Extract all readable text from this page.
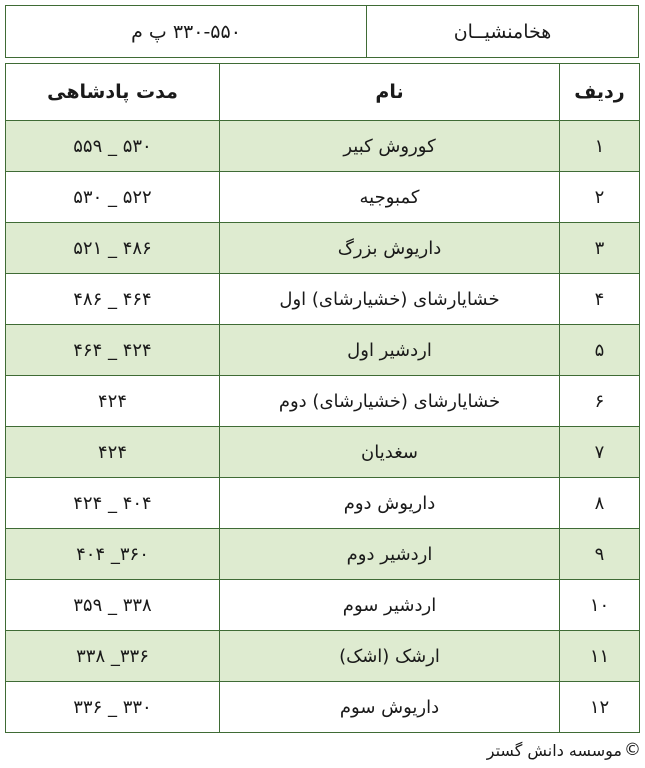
هخامنشیــان
۳۳۰-۵۵۰ پ م
ردیف	نام	مدت پادشاهی
۱	کوروش کبیر	۵۳۰ _ ۵۵۹
۲	کمبوجیه	۵۲۲ _ ۵۳۰
۳	داریوش بزرگ	۴۸۶ _ ۵۲۱
۴	خشایارشای (خشیارشای) اول	۴۶۴ _ ۴۸۶
۵	اردشیر اول	۴۲۴ _ ۴۶۴
۶	خشایارشای (خشیارشای) دوم	۴۲۴
۷	سغدیان	۴۲۴
۸	داریوش دوم	۴۰۴ _ ۴۲۴
۹	اردشیر دوم	۳۶۰_ ۴۰۴
۱۰	اردشیر سوم	۳۳۸ _ ۳۵۹
۱۱	ارشک (اشک)	۳۳۶_ ۳۳۸
۱۲	داریوش سوم	۳۳۰ _ ۳۳۶
©
موسسه دانش گستر
